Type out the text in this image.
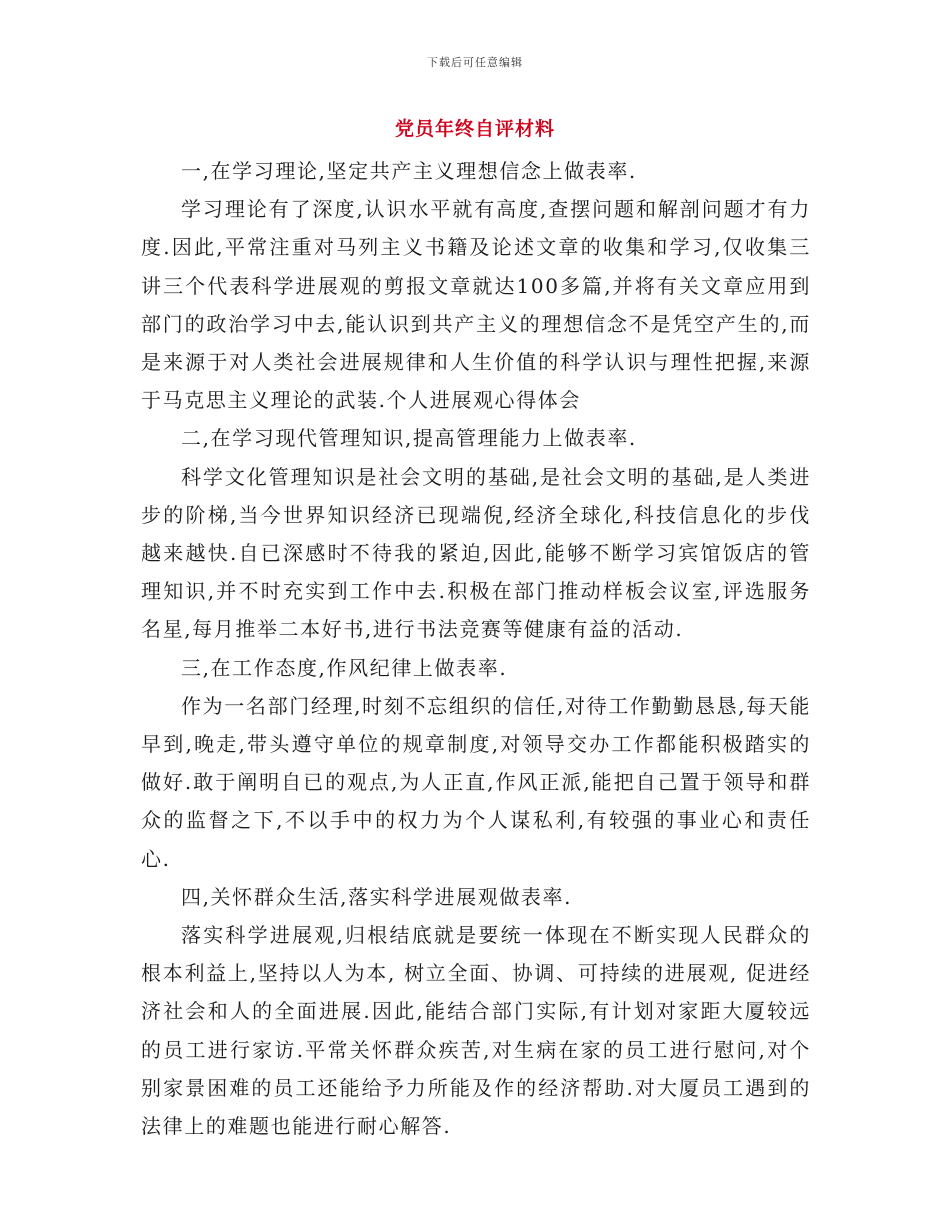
下载后可任意编辑
党员年终自评材料

一,在学习理论,坚定共产主义理想信念上做表率.

学习理论有了深度,认识水平就有高度,查摆问题和解剖问题才有力度.因此,平常注重对马列主义书籍及论述文章的收集和学习,仅收集三讲三个代表科学进展观的剪报文章就达100多篇,并将有关文章应用到部门的政治学习中去,能认识到共产主义的理想信念不是凭空产生的,而是来源于对人类社会进展规律和人生价值的科学认识与理性把握,来源于马克思主义理论的武装.个人进展观心得体会

二,在学习现代管理知识,提高管理能力上做表率.

科学文化管理知识是社会文明的基础,是社会文明的基础,是人类进步的阶梯,当今世界知识经济已现端倪,经济全球化,科技信息化的步伐越来越快.自已深感时不待我的紧迫,因此,能够不断学习宾馆饭店的管理知识,并不时充实到工作中去.积极在部门推动样板会议室,评选服务名星,每月推举二本好书,进行书法竞赛等健康有益的活动.

三,在工作态度,作风纪律上做表率.

作为一名部门经理,时刻不忘组织的信任,对待工作勤勤恳恳,每天能早到,晚走,带头遵守单位的规章制度,对领导交办工作都能积极踏实的做好.敢于阐明自已的观点,为人正直,作风正派,能把自己置于领导和群众的监督之下,不以手中的权力为个人谋私利,有较强的事业心和责任心.

四,关怀群众生活,落实科学进展观做表率.

落实科学进展观,归根结底就是要统一体现在不断实现人民群众的根本利益上,坚持以人为本, 树立全面、协调、可持续的进展观, 促进经济社会和人的全面进展.因此,能结合部门实际,有计划对家距大厦较远的员工进行家访.平常关怀群众疾苦,对生病在家的员工进行慰问,对个别家景困难的员工还能给予力所能及作的经济帮助.对大厦员工遇到的法律上的难题也能进行耐心解答.
